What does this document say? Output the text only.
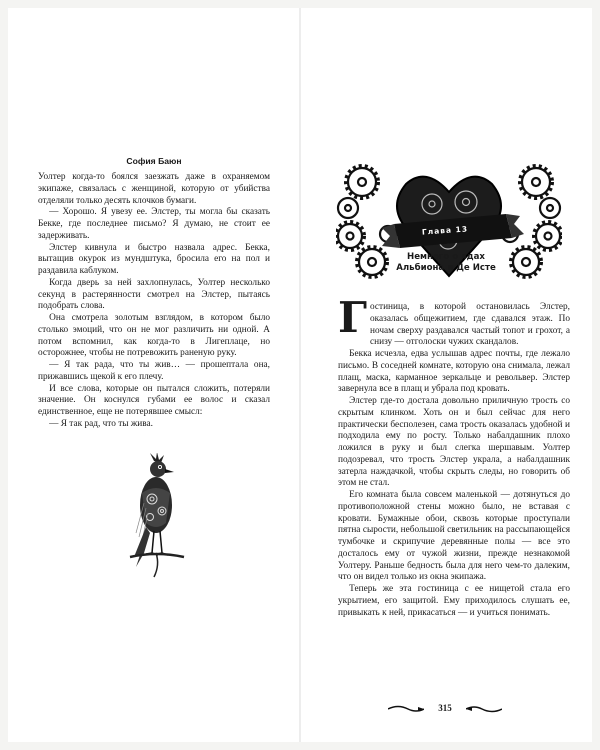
София Баюн

Уолтер когда-то боялся заезжать даже в охраняемом экипаже, связалась с женщиной, которую от убийства отделяли только десять клочков бумаги.

— Хорошо. Я увезу ее. Элстер, ты могла бы сказать Бекке, где последнее письмо? Я думаю, не стоит ее задерживать.

Элстер кивнула и быстро назвала адрес. Бекка, вытащив окурок из мундштука, бросила его на пол и раздавила каблуком.

Когда дверь за ней захлопнулась, Уолтер несколько секунд в растерянности смотрел на Элстер, пытаясь подобрать слова.

Она смотрела золотым взглядом, в котором было столько эмоций, что он не мог различить ни одной. А потом вспомнил, как когда-то в Лигеплаце, но осторожнее, чтобы не потревожить раненую руку.

— Я так рада, что ты жив… — прошептала она, прижавшись щекой к его плечу.

И все слова, которые он пытался сложить, потеряли значение. Он коснулся губами ее волос и сказал единственное, еще не потерявшее смысл:

— Я так рад, что ты жива.

Глава 13
Немного о ядах
Альбиона и Де Исте
Г остиница, в которой остановилась Элстер, оказалась общежитием, где сдавался этаж. По ночам сверху раздавался частый топот и грохот, а снизу — отголоски чужих скандалов.

Бекка исчезла, едва услышав адрес почты, где лежало письмо. В соседней комнате, которую она снимала, лежал плащ, маска, карманное зеркальце и револьвер. Элстер завернула все в плащ и убрала под кровать.

Элстер где-то достала довольно приличную трость со скрытым клинком. Хоть он и был сейчас для него практически бесполезен, сама трость оказалась удобной и подходила ему по росту. Только набалдашник плохо ложился в руку и был слегка шершавым. Уолтер подозревал, что трость Элстер украла, а набалдашник затерла наждачкой, чтобы скрыть следы, но говорить об этом не стал.

Его комната была совсем маленькой — дотянуться до противоположной стены можно было, не вставая с кровати. Бумажные обои, сквозь которые проступали пятна сырости, небольшой светильник на рассыпающейся тумбочке и скрипучие деревянные полы — все это досталось ему от чужой жизни, прежде незнакомой Уолтеру. Раньше бедность была для него чем-то далеким, что он видел только из окна экипажа.

Теперь же эта гостиница с ее нищетой стала его укрытием, его защитой. Ему приходилось слушать ее, привыкать к ней, прикасаться — и учиться понимать.

315
